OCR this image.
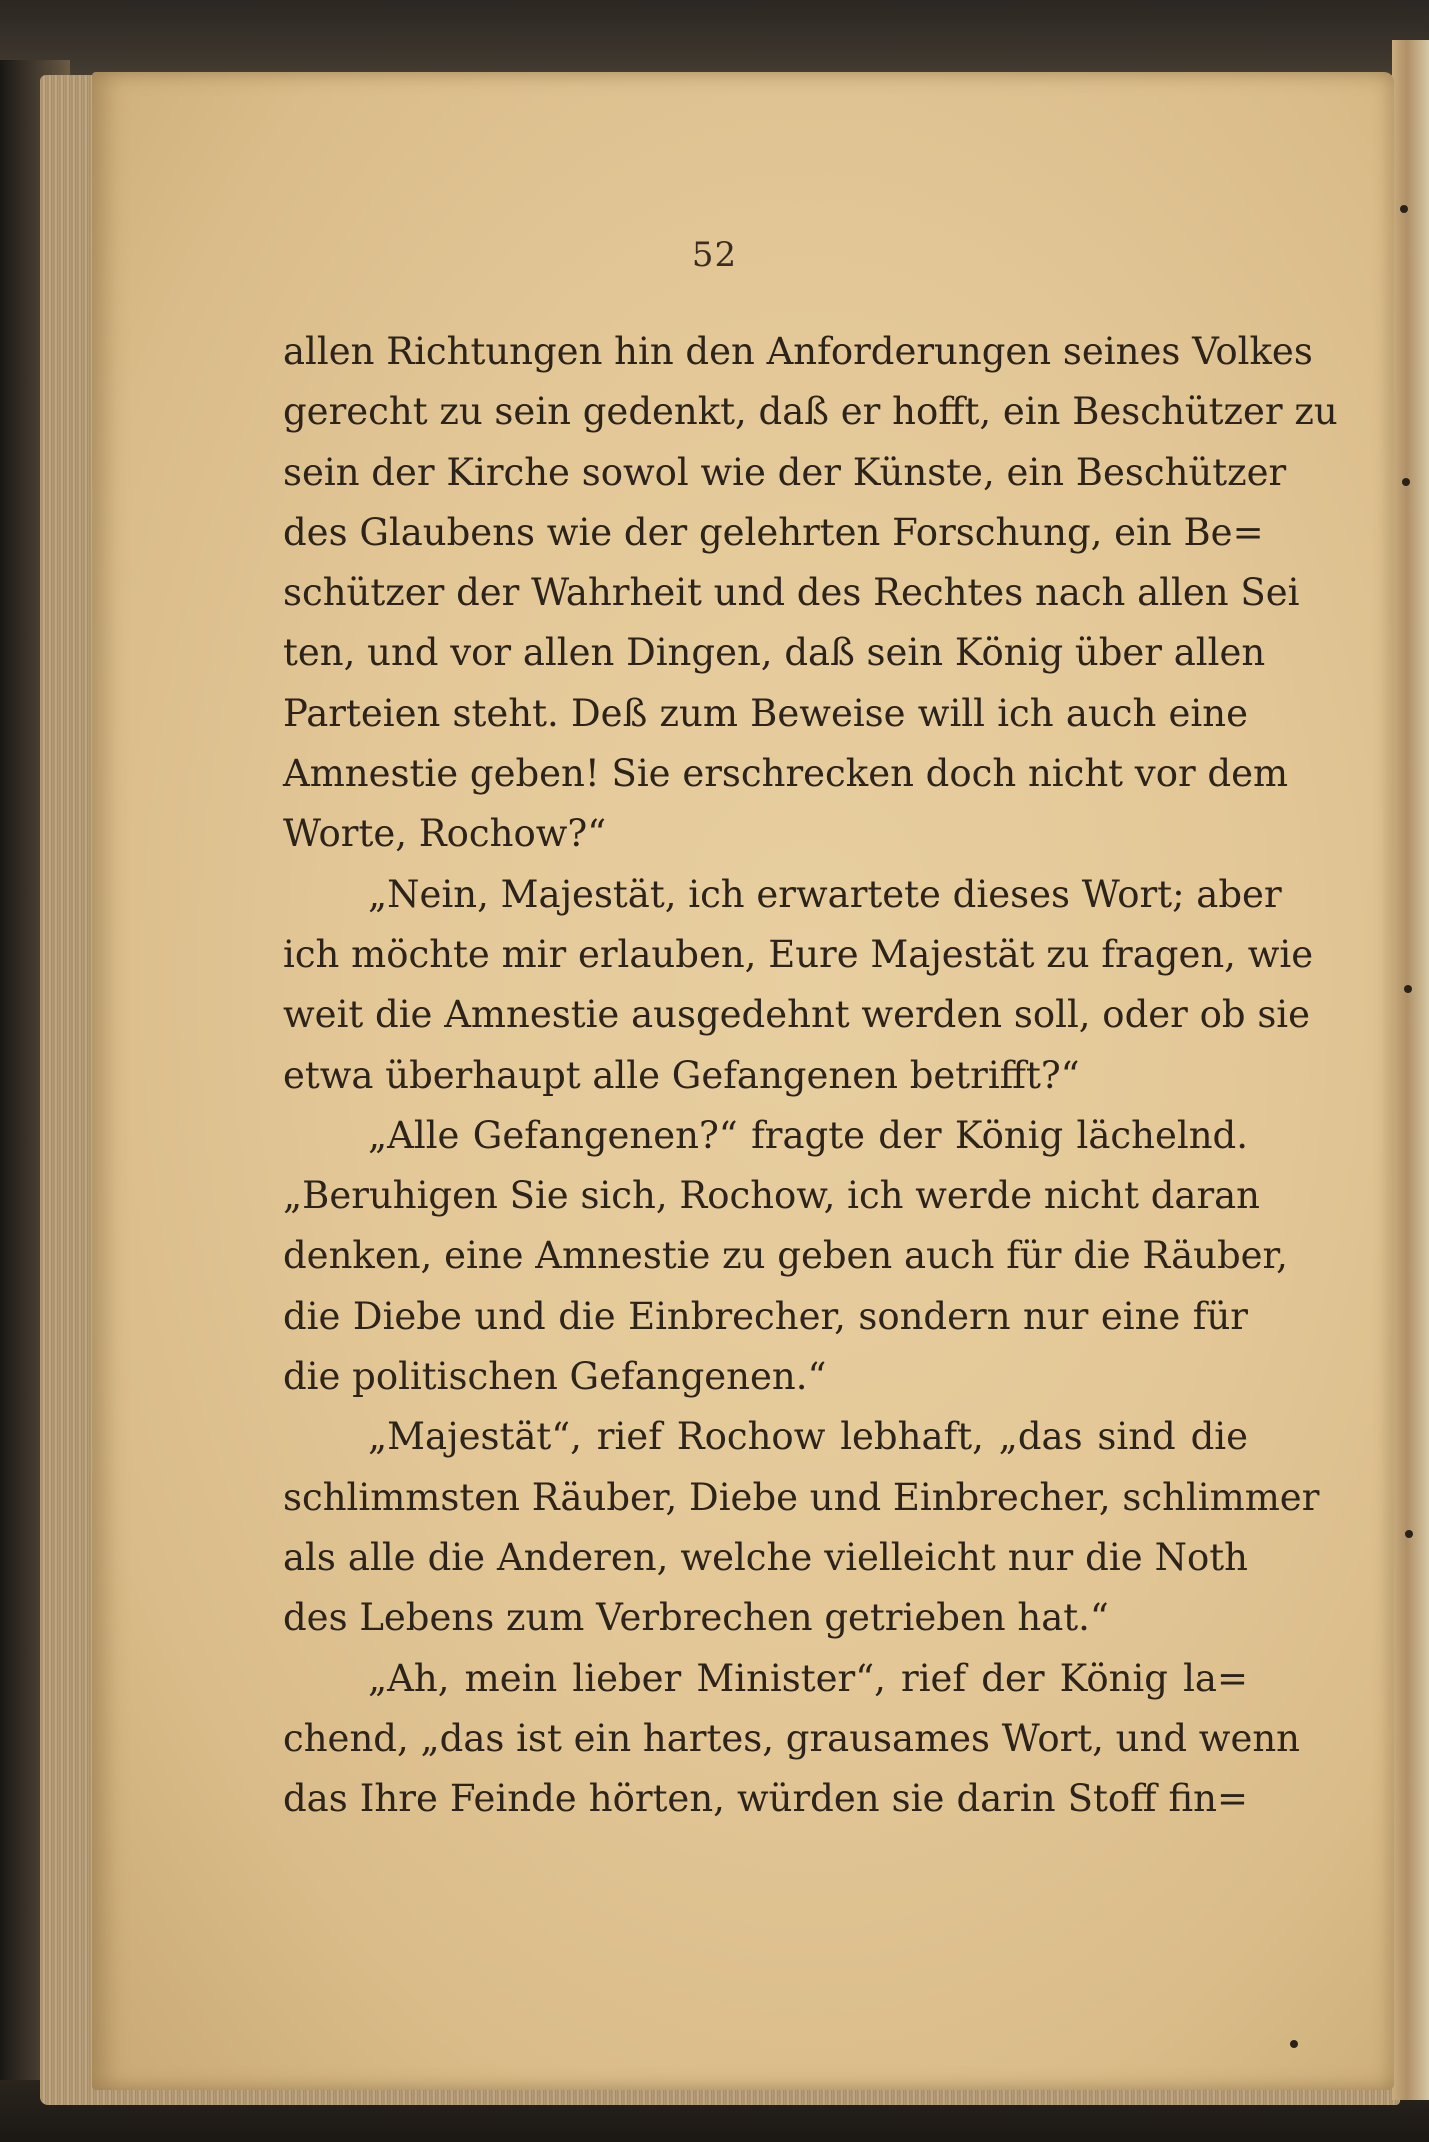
52
allen Richtungen hin den Anforderungen seines Volkes
gerecht zu sein gedenkt, daß er hofft, ein Beschützer zu
sein der Kirche sowol wie der Künste, ein Beschützer
des Glaubens wie der gelehrten Forschung, ein Be=
schützer der Wahrheit und des Rechtes nach allen Sei
ten, und vor allen Dingen, daß sein König über allen
Parteien steht. Deß zum Beweise will ich auch eine
Amnestie geben! Sie erschrecken doch nicht vor dem
Worte, Rochow?“
„Nein, Majestät, ich erwartete dieses Wort; aber
ich möchte mir erlauben, Eure Majestät zu fragen, wie
weit die Amnestie ausgedehnt werden soll, oder ob sie
etwa überhaupt alle Gefangenen betrifft?“
„Alle Gefangenen?“ fragte der König lächelnd.
„Beruhigen Sie sich, Rochow, ich werde nicht daran
denken, eine Amnestie zu geben auch für die Räuber,
die Diebe und die Einbrecher, sondern nur eine für
die politischen Gefangenen.“
„Majestät“, rief Rochow lebhaft, „das sind die
schlimmsten Räuber, Diebe und Einbrecher, schlimmer
als alle die Anderen, welche vielleicht nur die Noth
des Lebens zum Verbrechen getrieben hat.“
„Ah, mein lieber Minister“, rief der König la=
chend, „das ist ein hartes, grausames Wort, und wenn
das Ihre Feinde hörten, würden sie darin Stoff fin=
